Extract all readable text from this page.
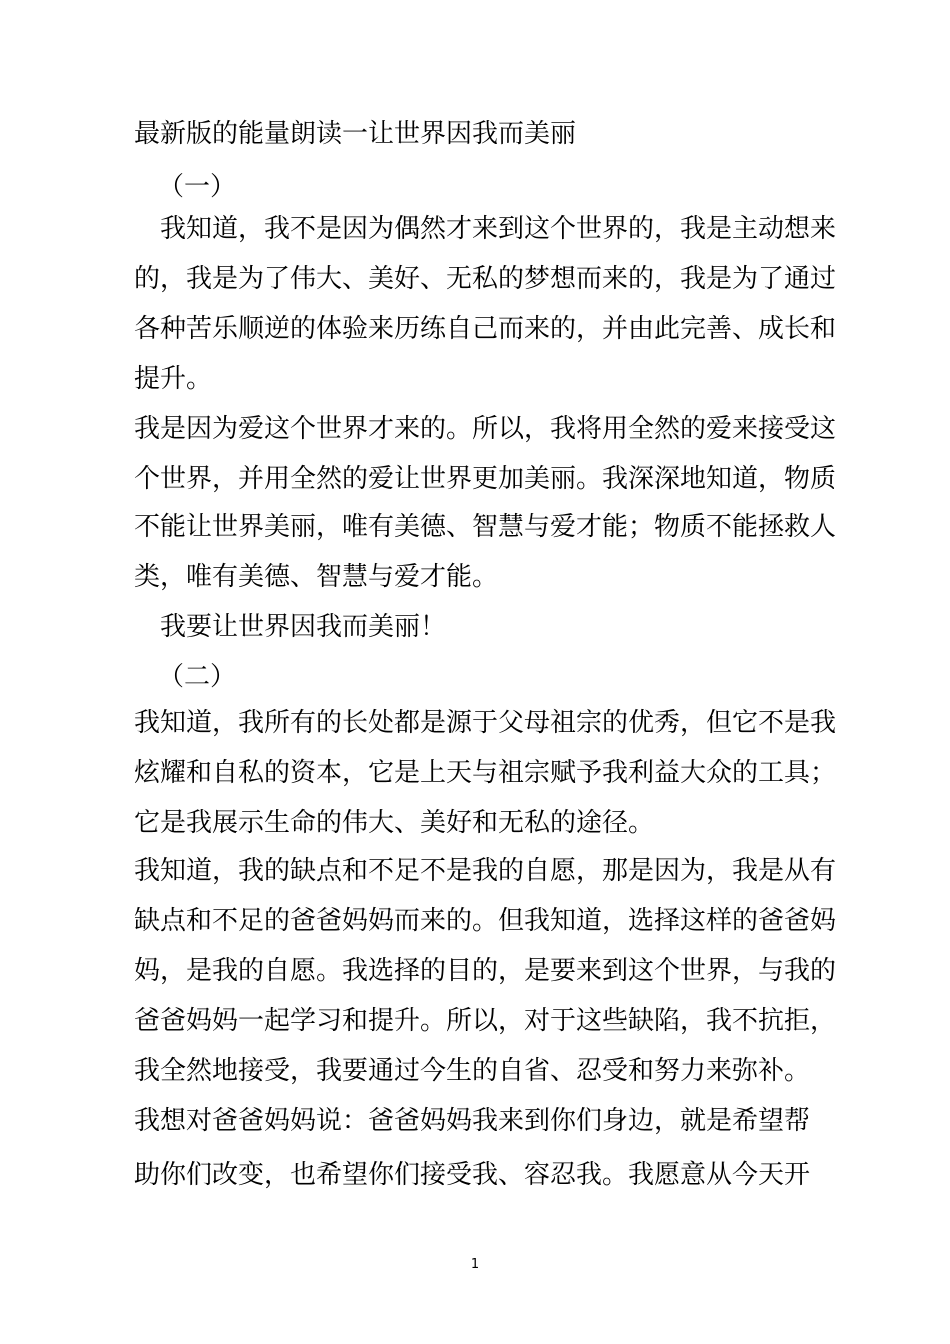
最新版的能量朗读一让世界因我而美丽
（一）
我知道，我不是因为偶然才来到这个世界的，我是主动想来
的，我是为了伟大、美好、无私的梦想而来的，我是为了通过
各种苦乐顺逆的体验来历练自己而来的，并由此完善、成长和
提升。
我是因为爱这个世界才来的。所以，我将用全然的爱来接受这
个世界，并用全然的爱让世界更加美丽。我深深地知道，物质
不能让世界美丽，唯有美德、智慧与爱才能；物质不能拯救人
类，唯有美德、智慧与爱才能。
我要让世界因我而美丽！
（二）
我知道，我所有的长处都是源于父母祖宗的优秀，但它不是我
炫耀和自私的资本，它是上天与祖宗赋予我利益大众的工具；
它是我展示生命的伟大、美好和无私的途径。
我知道，我的缺点和不足不是我的自愿，那是因为，我是从有
缺点和不足的爸爸妈妈而来的。但我知道，选择这样的爸爸妈
妈，是我的自愿。我选择的目的，是要来到这个世界，与我的
爸爸妈妈一起学习和提升。所以，对于这些缺陷，我不抗拒，
我全然地接受，我要通过今生的自省、忍受和努力来弥补。
我想对爸爸妈妈说：爸爸妈妈我来到你们身边，就是希望帮
助你们改变，也希望你们接受我、容忍我。我愿意从今天开
1
